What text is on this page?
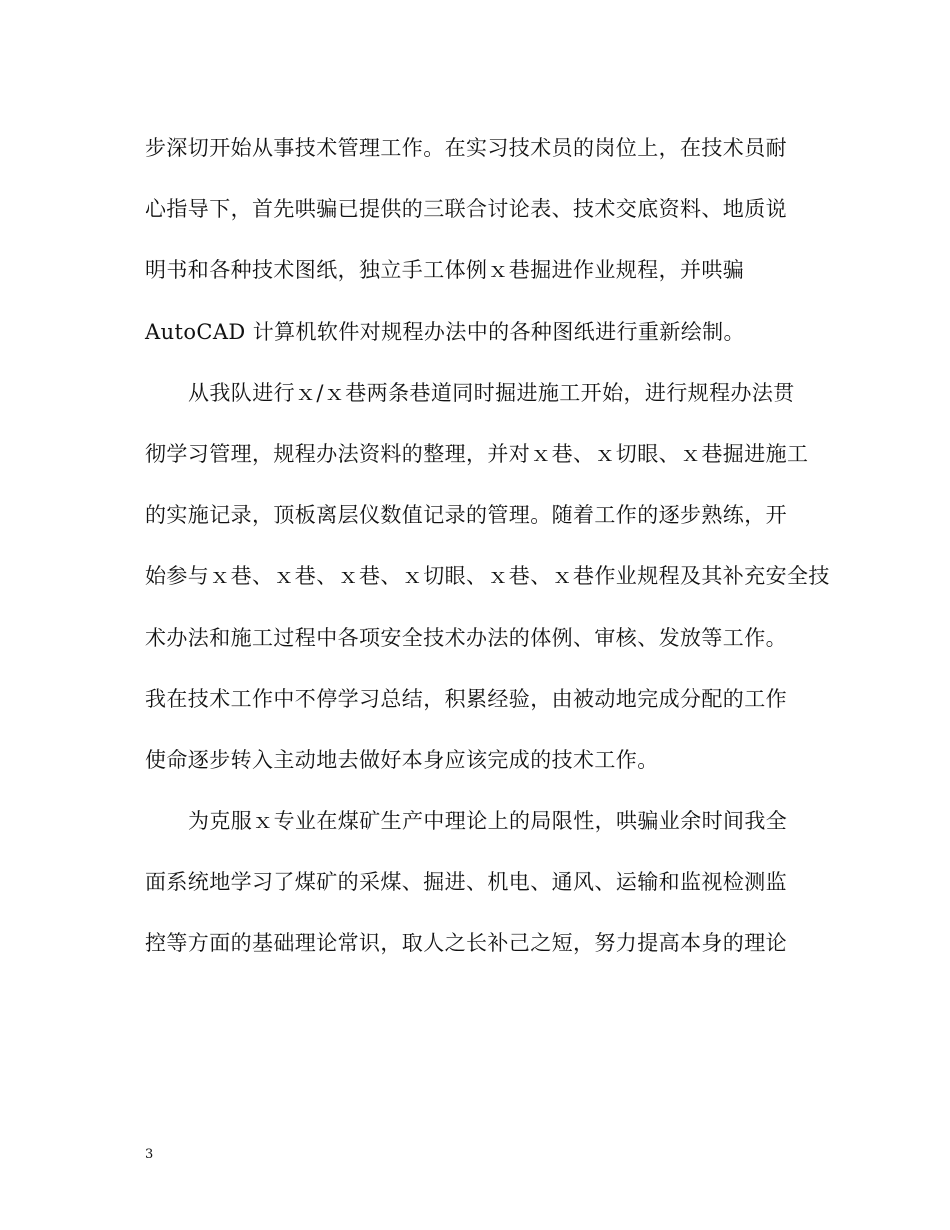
步深切开始从事技术管理工作。在实习技术员的岗位上，在技术员耐
心指导下，首先哄骗已提供的三联合讨论表、技术交底资料、地质说
明书和各种技术图纸，独立手工体例ｘ巷掘进作业规程，并哄骗
AutoCAD 计算机软件对规程办法中的各种图纸进行重新绘制。
从我队进行ｘ/ｘ巷两条巷道同时掘进施工开始，进行规程办法贯
彻学习管理，规程办法资料的整理，并对ｘ巷、ｘ切眼、ｘ巷掘进施工
的实施记录，顶板离层仪数值记录的管理。随着工作的逐步熟练，开
始参与ｘ巷、ｘ巷、ｘ巷、ｘ切眼、ｘ巷、ｘ巷作业规程及其补充安全技
术办法和施工过程中各项安全技术办法的体例、审核、发放等工作。
我在技术工作中不停学习总结，积累经验，由被动地完成分配的工作
使命逐步转入主动地去做好本身应该完成的技术工作。
为克服ｘ专业在煤矿生产中理论上的局限性，哄骗业余时间我全
面系统地学习了煤矿的采煤、掘进、机电、通风、运输和监视检测监
控等方面的基础理论常识，取人之长补己之短，努力提高本身的理论
3
